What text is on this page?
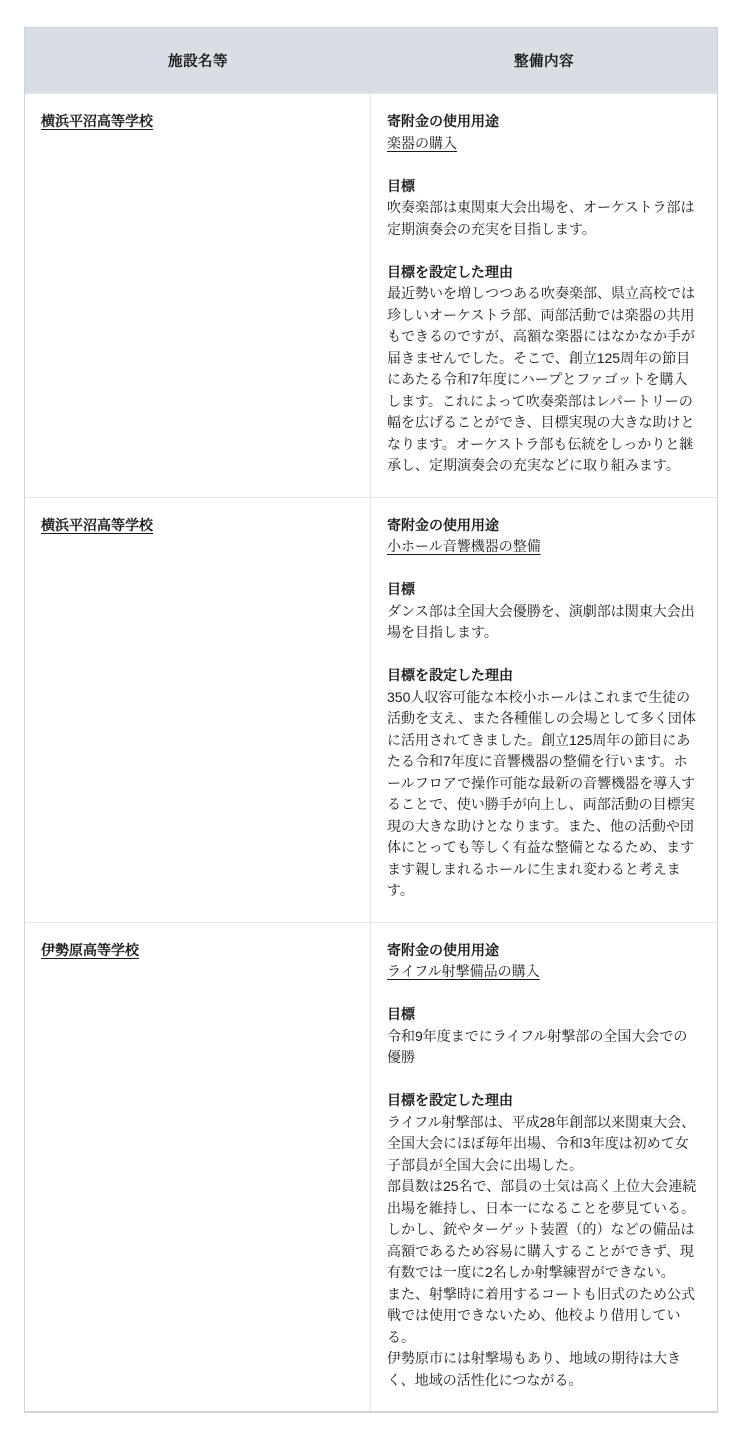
施設名等	整備内容
横浜平沼高等学校	寄附金の使用用途
楽器の購入
目標
吹奏楽部は東関東大会出場を、オーケストラ部は定期演奏会の充実を目指します。
目標を設定した理由
最近勢いを増しつつある吹奏楽部、県立高校では珍しいオーケストラ部、両部活動では楽器の共用もできるのですが、高額な楽器にはなかなか手が届きませんでした。そこで、創立125周年の節目にあたる令和7年度にハープとファゴットを購入します。これによって吹奏楽部はレパートリーの幅を広げることができ、目標実現の大きな助けとなります。オーケストラ部も伝統をしっかりと継承し、定期演奏会の充実などに取り組みます。
横浜平沼高等学校	寄附金の使用用途
小ホール音響機器の整備
目標
ダンス部は全国大会優勝を、演劇部は関東大会出場を目指します。
目標を設定した理由
350人収容可能な本校小ホールはこれまで生徒の活動を支え、また各種催しの会場として多く団体に活用されてきました。創立125周年の節目にあたる令和7年度に音響機器の整備を行います。ホールフロアで操作可能な最新の音響機器を導入することで、使い勝手が向上し、両部活動の目標実現の大きな助けとなります。また、他の活動や団体にとっても等しく有益な整備となるため、ますます親しまれるホールに生まれ変わると考えます。
伊勢原高等学校	寄附金の使用用途
ライフル射撃備品の購入
目標
令和9年度までにライフル射撃部の全国大会での優勝
目標を設定した理由
ライフル射撃部は、平成28年創部以来関東大会、全国大会にほぼ毎年出場、令和3年度は初めて女子部員が全国大会に出場した。
部員数は25名で、部員の士気は高く上位大会連続出場を維持し、日本一になることを夢見ている。
しかし、銃やターゲット装置（的）などの備品は高額であるため容易に購入することができず、現有数では一度に2名しか射撃練習ができない。
また、射撃時に着用するコートも旧式のため公式戦では使用できないため、他校より借用している。
伊勢原市には射撃場もあり、地域の期待は大きく、地域の活性化につながる。
